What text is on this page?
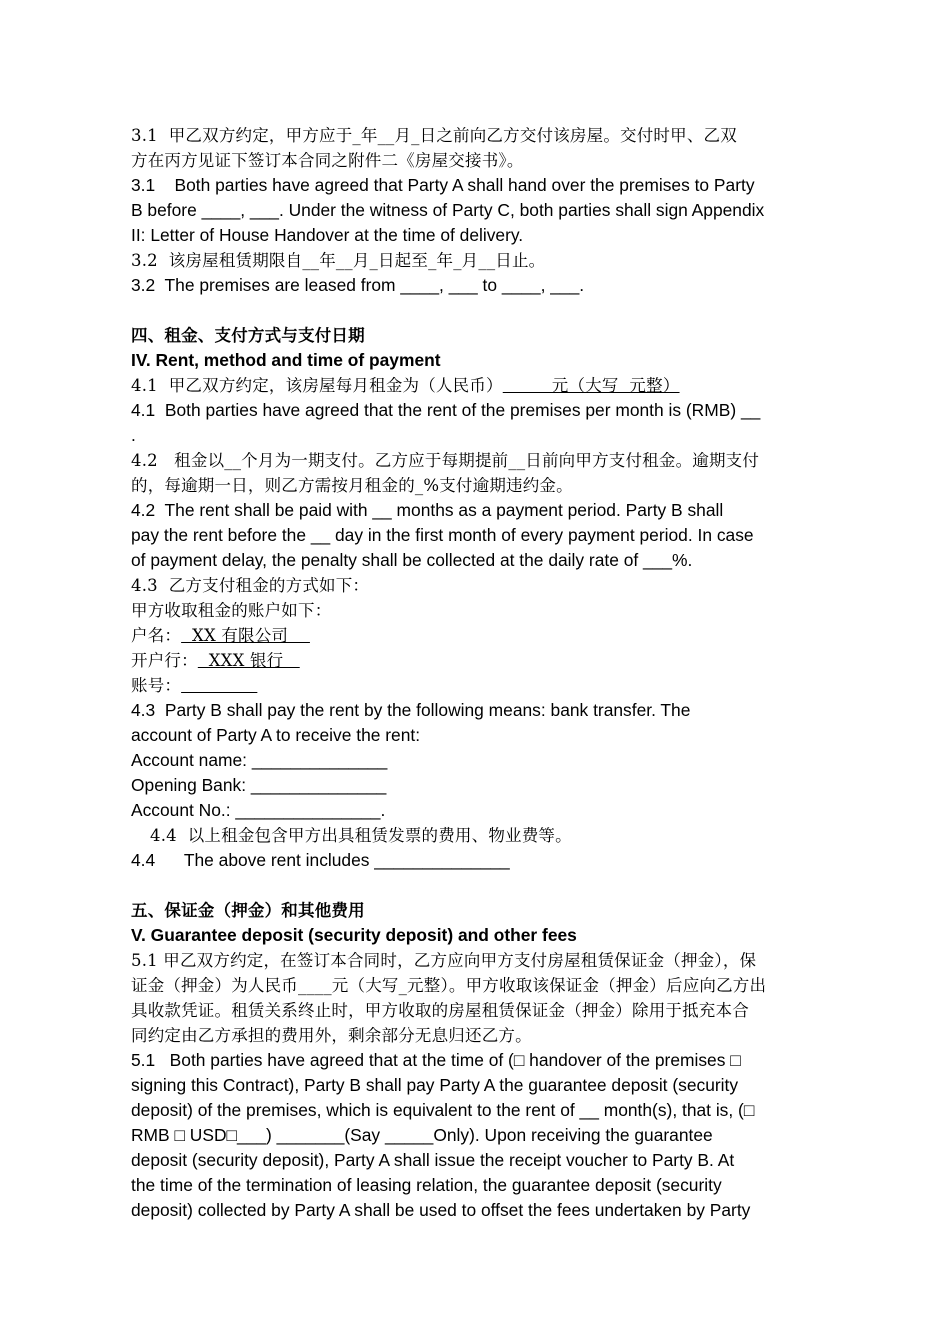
3.1  甲乙双方约定，甲方应于_年__月_日之前向乙方交付该房屋。交付时甲、乙双
方在丙方见证下签订本合同之附件二《房屋交接书》。
3.1    Both parties have agreed that Party A shall hand over the premises to Party
B before ____, ___. Under the witness of Party C, both parties shall sign Appendix
II: Letter of House Handover at the time of delivery.
3.2  该房屋租赁期限自__年__月_日起至_年_月__日止。
3.2  The premises are leased from ____, ___ to ____, ___.
四、租金、支付方式与支付日期
IV. Rent, method and time of payment
4.1  甲乙双方约定，该房屋每月租金为（人民币）         元（大写  元整）
4.1  Both parties have agreed that the rent of the premises per month is (RMB) __
.
4.2   租金以__个月为一期支付。乙方应于每期提前__日前向甲方支付租金。逾期支付
的，每逾期一日，则乙方需按月租金的_%支付逾期违约金。
4.2  The rent shall be paid with __ months as a payment period. Party B shall
pay the rent before the __ day in the first month of every payment period. In case
of payment delay, the penalty shall be collected at the daily rate of ___%.
4.3  乙方支付租金的方式如下：
甲方收取租金的账户如下：
户名：  XX 有限公司
开户行：  XXX 银行
账号：
4.3  Party B shall pay the rent by the following means: bank transfer. The
account of Party A to receive the rent:
Account name: ______________
Opening Bank: ______________
Account No.: _______________.
4.4  以上租金包含甲方出具租赁发票的费用、物业费等。
4.4      The above rent includes ______________
五、保证金（押金）和其他费用
V. Guarantee deposit (security deposit) and other fees
5.1 甲乙双方约定，在签订本合同时，乙方应向甲方支付房屋租赁保证金（押金），保
证金（押金）为人民币____元（大写_元整）。甲方收取该保证金（押金）后应向乙方出
具收款凭证。租赁关系终止时，甲方收取的房屋租赁保证金（押金）除用于抵充本合
同约定由乙方承担的费用外，剩余部分无息归还乙方。
5.1   Both parties have agreed that at the time of (□ handover of the premises □
signing this Contract), Party B shall pay Party A the guarantee deposit (security
deposit) of the premises, which is equivalent to the rent of __ month(s), that is, (□
RMB □ USD□___) _______(Say _____Only). Upon receiving the guarantee
deposit (security deposit), Party A shall issue the receipt voucher to Party B. At
the time of the termination of leasing relation, the guarantee deposit (security
deposit) collected by Party A shall be used to offset the fees undertaken by Party
